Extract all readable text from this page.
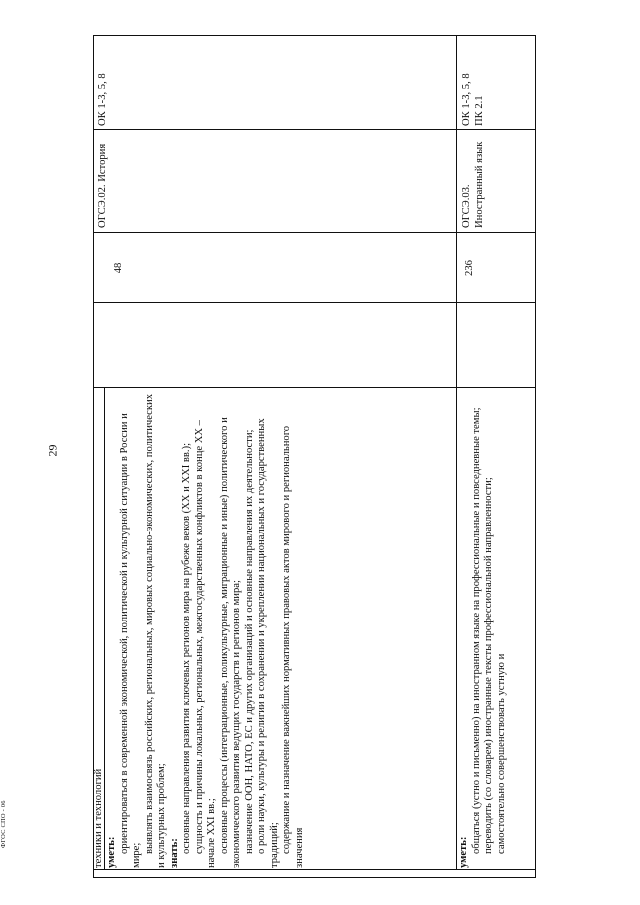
29
ФГОС СПО - 06	техники и технологий уметь: ориентироваться в современной экономической, политической и культурной ситуации в России и мире;

выявлять взаимосвязь российских, региональных, мировых социально-экономических, политических и культурных проблем; знать: основные направления развития ключевых регионов мира на рубеже веков (XX и XXI вв.); сущность и причины локальных, региональных, межгосударственных конфликтов в конце XX – начале XXI вв.; основные процессы (интеграционные, поликультурные, миграционные и иные) политического и экономического развития ведущих государств и регионов мира; назначение ООН, НАТО, ЕС и других организаций и основные направления их деятельности; о роли науки, культуры и религии в сохранении и укреплении национальных и государственных традиций; содержание и назначение важнейших нормативных правовых актов мирового и регионального значения

48
ОГСЭ.02. История
ОК 1-3, 5, 8

уметь: общаться (устно и письменно) на иностранном языке на профессиональные и повседневные темы; переводить (со словарем) иностранные тексты профессиональной направленности; самостоятельно совершенствовать устную и

236
ОГСЭ.03.
Иностранный язык
ОК 1-3, 5, 8
ПК 2.1
